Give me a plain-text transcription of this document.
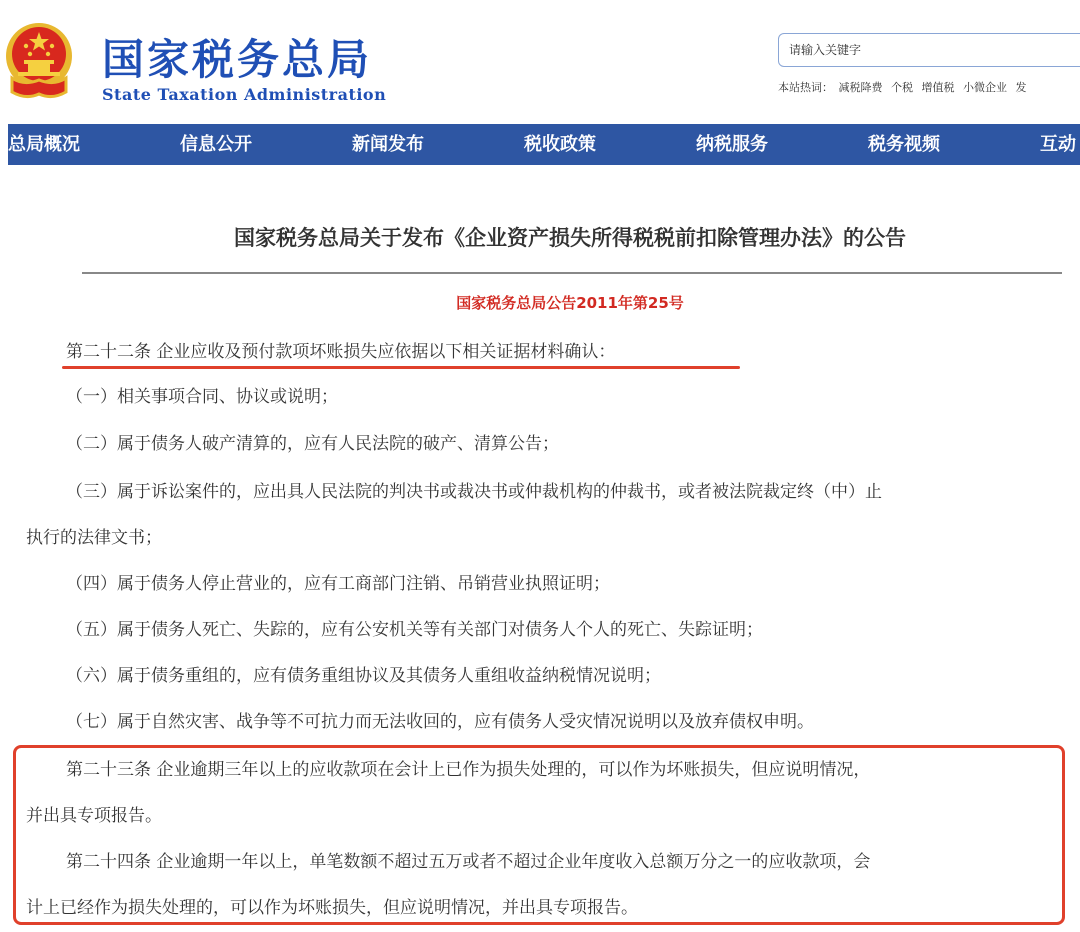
国家税务总局
State Taxation Administration
请输入关键字	本站热词： 减税降费 个税 增值税 小微企业 发
总局概况	信息公开	新闻发布	税收政策	纳税服务	税务视频	互动
国家税务总局关于发布《企业资产损失所得税税前扣除管理办法》的公告
国家税务总局公告2011年第25号
第二十二条 企业应收及预付款项坏账损失应依据以下相关证据材料确认：
（一）相关事项合同、协议或说明；
（二）属于债务人破产清算的，应有人民法院的破产、清算公告；
（三）属于诉讼案件的，应出具人民法院的判决书或裁决书或仲裁机构的仲裁书，或者被法院裁定终（中）止
执行的法律文书；
（四）属于债务人停止营业的，应有工商部门注销、吊销营业执照证明；
（五）属于债务人死亡、失踪的，应有公安机关等有关部门对债务人个人的死亡、失踪证明；
（六）属于债务重组的，应有债务重组协议及其债务人重组收益纳税情况说明；
（七）属于自然灾害、战争等不可抗力而无法收回的，应有债务人受灾情况说明以及放弃债权申明。
第二十三条 企业逾期三年以上的应收款项在会计上已作为损失处理的，可以作为坏账损失，但应说明情况，
并出具专项报告。
第二十四条 企业逾期一年以上，单笔数额不超过五万或者不超过企业年度收入总额万分之一的应收款项，会
计上已经作为损失处理的，可以作为坏账损失，但应说明情况，并出具专项报告。
